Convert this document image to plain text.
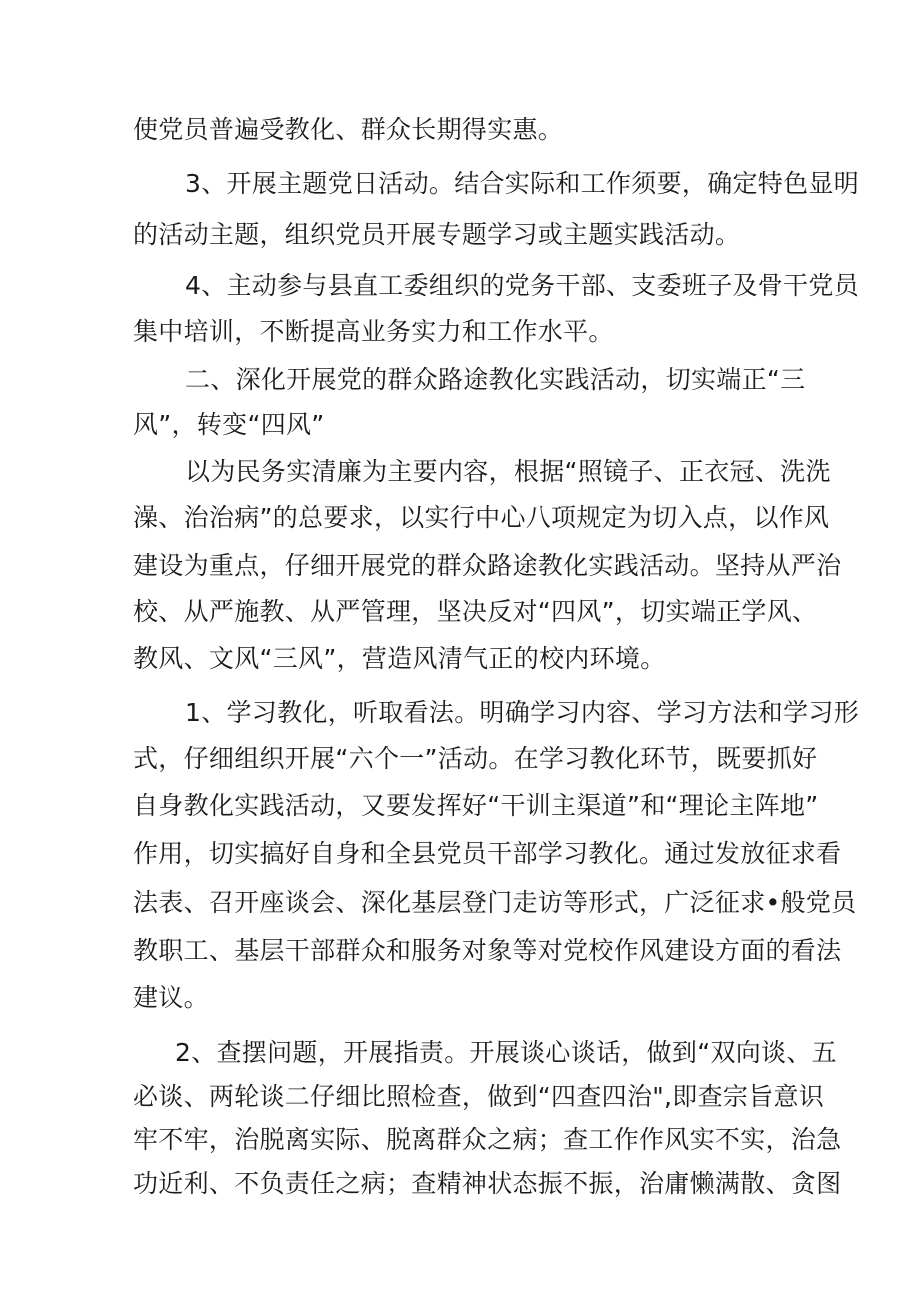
使党员普遍受教化、群众长期得实惠。
3、开展主题党日活动。结合实际和工作须要，确定特色显明
的活动主题，组织党员开展专题学习或主题实践活动。
4、主动参与县直工委组织的党务干部、支委班子及骨干党员
集中培训，不断提高业务实力和工作水平。
二、深化开展党的群众路途教化实践活动，切实端正“三
风”，转变“四风”
以为民务实清廉为主要内容，根据“照镜子、正衣冠、洗洗
澡、治治病”的总要求，以实行中心八项规定为切入点，以作风
建设为重点，仔细开展党的群众路途教化实践活动。坚持从严治
校、从严施教、从严管理，坚决反对“四风”，切实端正学风、
教风、文风“三风”，营造风清气正的校内环境。
1、学习教化，听取看法。明确学习内容、学习方法和学习形
式，仔细组织开展“六个一”活动。在学习教化环节，既要抓好
自身教化实践活动，又要发挥好“干训主渠道”和“理论主阵地”
作用，切实搞好自身和全县党员干部学习教化。通过发放征求看
法表、召开座谈会、深化基层登门走访等形式，广泛征求•般党员
教职工、基层干部群众和服务对象等对党校作风建设方面的看法
建议。
2、查摆问题，开展指责。开展谈心谈话，做到“双向谈、五
必谈、两轮谈二仔细比照检查，做到“四查四治",即查宗旨意识
牢不牢，治脱离实际、脱离群众之病；查工作作风实不实，治急
功近利、不负责任之病；查精神状态振不振，治庸懒满散、贪图
